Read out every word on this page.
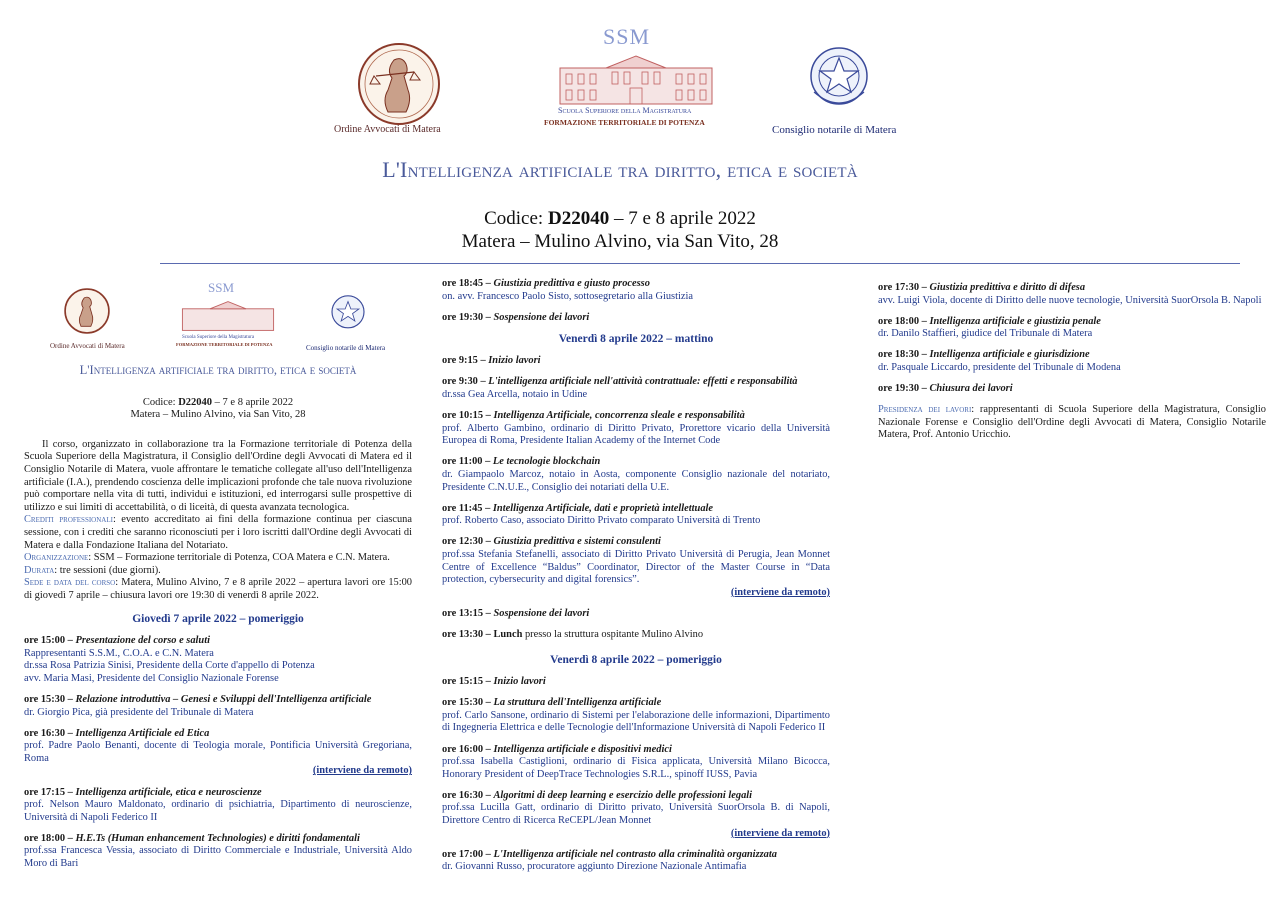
Ordine Avvocati di Matera
SSM
Scuola Superiore della Magistratura
FORMAZIONE TERRITORIALE DI POTENZA
Consiglio notarile di Matera
L'Intelligenza artificiale tra diritto, etica e società
Codice: D22040 – 7 e 8 aprile 2022
Matera – Mulino Alvino, via San Vito, 28
Ordine Avvocati di Matera
SSM
Scuola Superiore della Magistratura
FORMAZIONE TERRITORIALE DI POTENZA	Consiglio notarile di Matera
L'Intelligenza artificiale tra diritto, etica e società
Codice: D22040 – 7 e 8 aprile 2022
Matera – Mulino Alvino, via San Vito, 28

Il corso, organizzato in collaborazione tra la Formazione territoriale di Potenza della Scuola Superiore della Magistratura, il Consiglio dell'Ordine degli Avvocati di Matera ed il Consiglio Notarile di Matera, vuole affrontare le tematiche collegate all'uso dell'Intelligenza artificiale (I.A.), prendendo coscienza delle implicazioni profonde che tale nuova rivoluzione può comportare nella vita di tutti, individui e istituzioni, ed interrogarsi sulle prospettive di utilizzo e sui limiti di accettabilità, o di liceità, di questa avanzata tecnologica.

Crediti professionali: evento accreditato ai fini della formazione continua per ciascuna sessione, con i crediti che saranno riconosciuti per i loro iscritti dall'Ordine degli Avvocati di Matera e dalla Fondazione Italiana del Notariato.

Organizzazione: SSM – Formazione territoriale di Potenza, COA Matera e C.N. Matera.

Durata: tre sessioni (due giorni).

Sede e data del corso: Matera, Mulino Alvino, 7 e 8 aprile 2022 – apertura lavori ore 15:00 di giovedì 7 aprile – chiusura lavori ore 19:30 di venerdì 8 aprile 2022.

Giovedì 7 aprile 2022 – pomeriggio

ore 15:00 – Presentazione del corso e saluti

Rappresentanti S.S.M., C.O.A. e C.N. Matera

dr.ssa Rosa Patrizia Sinisi, Presidente della Corte d'appello di Potenza

avv. Maria Masi, Presidente del Consiglio Nazionale Forense

ore 15:30 – Relazione introduttiva – Genesi e Sviluppi dell'Intelligenza artificiale

dr. Giorgio Pica, già presidente del Tribunale di Matera

ore 16:30 – Intelligenza Artificiale ed Etica

prof. Padre Paolo Benanti, docente di Teologia morale, Pontificia Università Gregoriana, Roma

(interviene da remoto)

ore 17:15 – Intelligenza artificiale, etica e neuroscienze

prof. Nelson Mauro Maldonato, ordinario di psichiatria, Dipartimento di neuroscienze, Università di Napoli Federico II

ore 18:00 – H.E.Ts (Human enhancement Technologies) e diritti fondamentali

prof.ssa Francesca Vessia, associato di Diritto Commerciale e Industriale, Università Aldo Moro di Bari

ore 18:45 – Giustizia predittiva e giusto processo

on. avv. Francesco Paolo Sisto, sottosegretario alla Giustizia

ore 19:30 – Sospensione dei lavori

Venerdì 8 aprile 2022 – mattino

ore 9:15 – Inizio lavori

ore 9:30 – L'intelligenza artificiale nell'attività contrattuale: effetti e responsabilità

dr.ssa Gea Arcella, notaio in Udine

ore 10:15 – Intelligenza Artificiale, concorrenza sleale e responsabilità

prof. Alberto Gambino, ordinario di Diritto Privato, Prorettore vicario della Università Europea di Roma, Presidente Italian Academy of the Internet Code

ore 11:00 – Le tecnologie blockchain

dr. Giampaolo Marcoz, notaio in Aosta, componente Consiglio nazionale del notariato, Presidente C.N.U.E., Consiglio dei notariati della U.E.

ore 11:45 – Intelligenza Artificiale, dati e proprietà intellettuale

prof. Roberto Caso, associato Diritto Privato comparato Università di Trento

ore 12:30 – Giustizia predittiva e sistemi consulenti

prof.ssa Stefania Stefanelli, associato di Diritto Privato Università di Perugia, Jean Monnet Centre of Excellence “Baldus” Coordinator, Director of the Master Course in “Data protection, cybersecurity and digital forensics”.

(interviene da remoto)

ore 13:15 – Sospensione dei lavori

ore 13:30 – Lunch presso la struttura ospitante Mulino Alvino
Venerdì 8 aprile 2022 – pomeriggio

ore 15:15 – Inizio lavori

ore 15:30 – La struttura dell'Intelligenza artificiale

prof. Carlo Sansone, ordinario di Sistemi per l'elaborazione delle informazioni, Dipartimento di Ingegneria Elettrica e delle Tecnologie dell'Informazione Università di Napoli Federico II

ore 16:00 – Intelligenza artificiale e dispositivi medici

prof.ssa Isabella Castiglioni, ordinario di Fisica applicata, Università Milano Bicocca, Honorary President of DeepTrace Technologies S.R.L., spinoff IUSS, Pavia

ore 16:30 – Algoritmi di deep learning e esercizio delle professioni legali

prof.ssa Lucilla Gatt, ordinario di Diritto privato, Università SuorOrsola B. di Napoli, Direttore Centro di Ricerca ReCEPL/Jean Monnet

(interviene da remoto)

ore 17:00 – L'Intelligenza artificiale nel contrasto alla criminalità organizzata

dr. Giovanni Russo, procuratore aggiunto Direzione Nazionale Antimafia

ore 17:30 – Giustizia predittiva e diritto di difesa

avv. Luigi Viola, docente di Diritto delle nuove tecnologie, Università SuorOrsola B. Napoli

ore 18:00 – Intelligenza artificiale e giustizia penale

dr. Danilo Staffieri, giudice del Tribunale di Matera

ore 18:30 – Intelligenza artificiale e giurisdizione

dr. Pasquale Liccardo, presidente del Tribunale di Modena

ore 19:30 – Chiusura dei lavori

Presidenza dei lavori: rappresentanti di Scuola Superiore della Magistratura, Consiglio Nazionale Forense e Consiglio dell'Ordine degli Avvocati di Matera, Consiglio Notarile Matera, Prof. Antonio Uricchio.
